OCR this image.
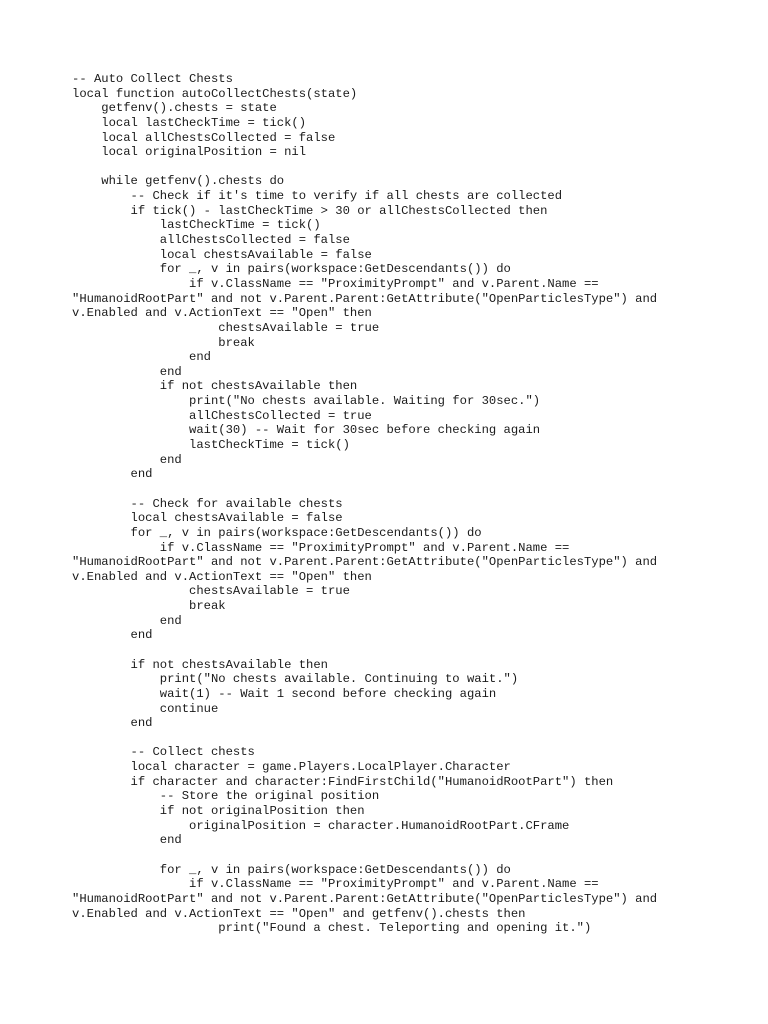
-- Auto Collect Chests
local function autoCollectChests(state)
getfenv().chests = state
local lastCheckTime = tick()
local allChestsCollected = false
local originalPosition = nil
while getfenv().chests do
-- Check if it's time to verify if all chests are collected
if tick() - lastCheckTime > 30 or allChestsCollected then
lastCheckTime = tick()
allChestsCollected = false
local chestsAvailable = false
for _, v in pairs(workspace:GetDescendants()) do
if v.ClassName == "ProximityPrompt" and v.Parent.Name ==
"HumanoidRootPart" and not v.Parent.Parent:GetAttribute("OpenParticlesType") and
v.Enabled and v.ActionText == "Open" then
chestsAvailable = true
break
end
end
if not chestsAvailable then
print("No chests available. Waiting for 30sec.")
allChestsCollected = true
wait(30) -- Wait for 30sec before checking again
lastCheckTime = tick()
end
end
-- Check for available chests
local chestsAvailable = false
for _, v in pairs(workspace:GetDescendants()) do
if v.ClassName == "ProximityPrompt" and v.Parent.Name ==
"HumanoidRootPart" and not v.Parent.Parent:GetAttribute("OpenParticlesType") and
v.Enabled and v.ActionText == "Open" then
chestsAvailable = true
break
end
end
if not chestsAvailable then
print("No chests available. Continuing to wait.")
wait(1) -- Wait 1 second before checking again
continue
end
-- Collect chests
local character = game.Players.LocalPlayer.Character
if character and character:FindFirstChild("HumanoidRootPart") then
-- Store the original position
if not originalPosition then
originalPosition = character.HumanoidRootPart.CFrame
end
for _, v in pairs(workspace:GetDescendants()) do
if v.ClassName == "ProximityPrompt" and v.Parent.Name ==
"HumanoidRootPart" and not v.Parent.Parent:GetAttribute("OpenParticlesType") and
v.Enabled and v.ActionText == "Open" and getfenv().chests then
print("Found a chest. Teleporting and opening it.")
